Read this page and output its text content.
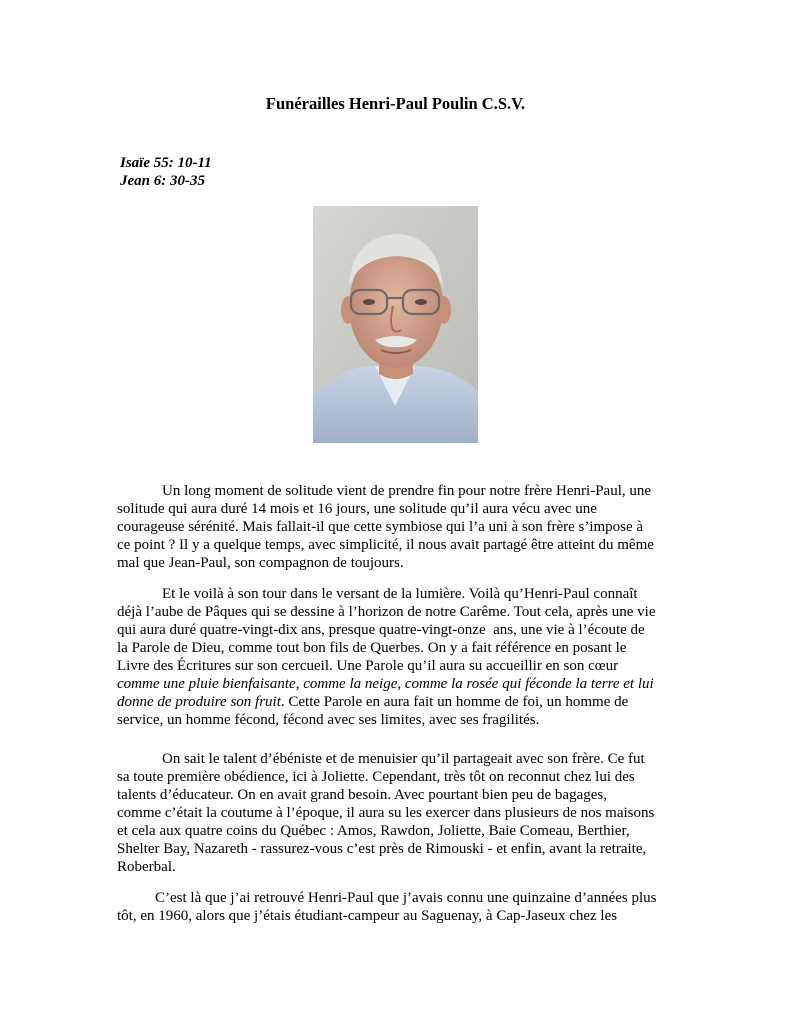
Funérailles Henri-Paul Poulin C.S.V.
Isaïe 55: 10-11
Jean 6: 30-35
Un long moment de solitude vient de prendre fin pour notre frère Henri-Paul, une
solitude qui aura duré 14 mois et 16 jours, une solitude qu’il aura vécu avec une
courageuse sérénité. Mais fallait-il que cette symbiose qui l’a uni à son frère s’impose à
ce point ? Il y a quelque temps, avec simplicité, il nous avait partagé être atteint du même
mal que Jean-Paul, son compagnon de toujours.
Et le voilà à son tour dans le versant de la lumière. Voilà qu’Henri-Paul connaît
déjà l’aube de Pâques qui se dessine à l’horizon de notre Carême. Tout cela, après une vie
qui aura duré quatre-vingt-dix ans, presque quatre-vingt-onze  ans, une vie à l’écoute de
la Parole de Dieu, comme tout bon fils de Querbes. On y a fait référence en posant le
Livre des Écritures sur son cercueil. Une Parole qu’il aura su accueillir en son cœur
comme une pluie bienfaisante, comme la neige, comme la rosée qui féconde la terre et lui
donne de produire son fruit. Cette Parole en aura fait un homme de foi, un homme de
service, un homme fécond, fécond avec ses limites, avec ses fragilités.
On sait le talent d’ébéniste et de menuisier qu’il partageait avec son frère. Ce fut
sa toute première obédience, ici à Joliette. Cependant, très tôt on reconnut chez lui des
talents d’éducateur. On en avait grand besoin. Avec pourtant bien peu de bagages,
comme c’était la coutume à l’époque, il aura su les exercer dans plusieurs de nos maisons
et cela aux quatre coins du Québec : Amos, Rawdon, Joliette, Baie Comeau, Berthier,
Shelter Bay, Nazareth - rassurez-vous c’est près de Rimouski - et enfin, avant la retraite,
Roberbal.
C’est là que j’ai retrouvé Henri-Paul que j’avais connu une quinzaine d’années plus
tôt, en 1960, alors que j’étais étudiant-campeur au Saguenay, à Cap-Jaseux chez les
